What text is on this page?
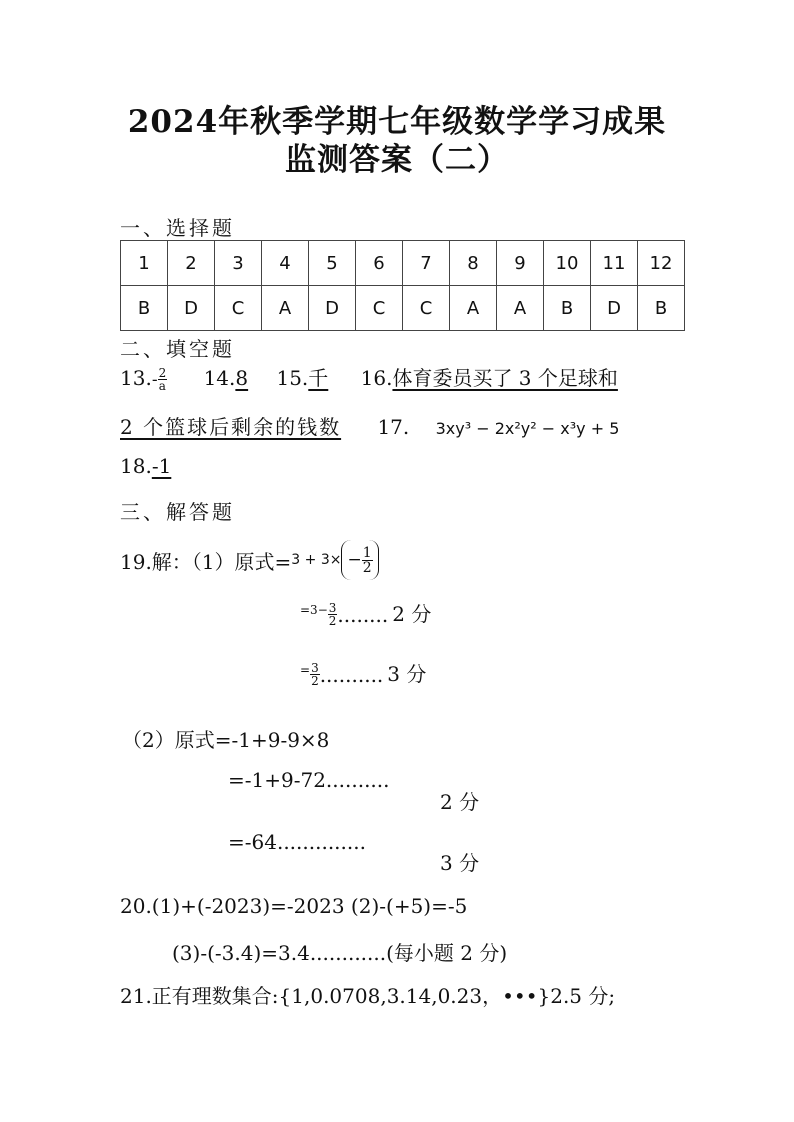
2024年秋季学期七年级数学学习成果
监测答案（二）
一、选择题
1	2	3	4	5	6	7	8	9	10	11	12
B	D	C	A	D	C	C	A	A	B	D	B
二、填空题
$13.- \frac{2}{a} 14.8$ 15.千 16.体育委员买了 3 个足球和
2 个篮球后剩余的钱数 17. 3xy³ − 2x²y² − x³y + 5
18.-1
三、解答题
19.解：（1）原式= $3 + 3\times - \frac{1}{2}$
$=3- \frac{3}{2}$ ........ 2 分
= $\frac{3}{2}$ .......... 3 分
（2）原式=-1+9-9×8
=-1+9-72..........
2 分
=-64..............
3 分
20.(1)+(-2023)=-2023 (2)-(+5)=-5
(3)-(-3.4)=3.4............(每小题 2 分)
21.正有理数集合:{1,0.0708,3.14,0.23，•••}2.5 分;
